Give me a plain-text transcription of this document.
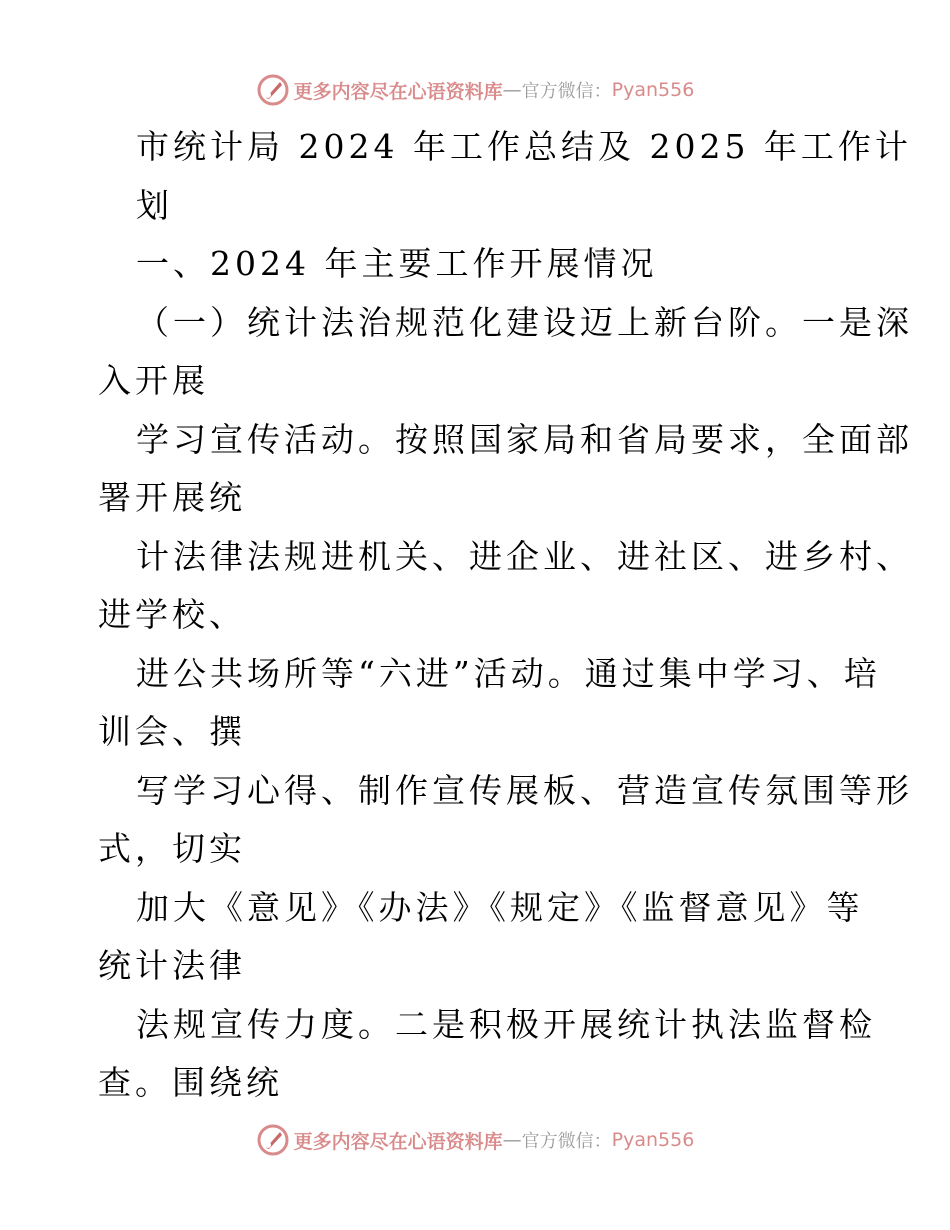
更多内容尽在心语资料库 — 官方微信： Pyan556
市统计局 2024 年工作总结及 2025 年工作计
划
一、2024 年主要工作开展情况
（一）统计法治规范化建设迈上新台阶。一是深
入开展
学习宣传活动。按照国家局和省局要求，全面部
署开展统
计法律法规进机关、进企业、进社区、进乡村、
进学校、
进公共场所等“六进”活动。通过集中学习、培
训会、撰
写学习心得、制作宣传展板、营造宣传氛围等形
式，切实
加大《意见》《办法》《规定》《监督意见》等
统计法律
法规宣传力度。二是积极开展统计执法监督检
查。围绕统
更多内容尽在心语资料库 — 官方微信： Pyan556
